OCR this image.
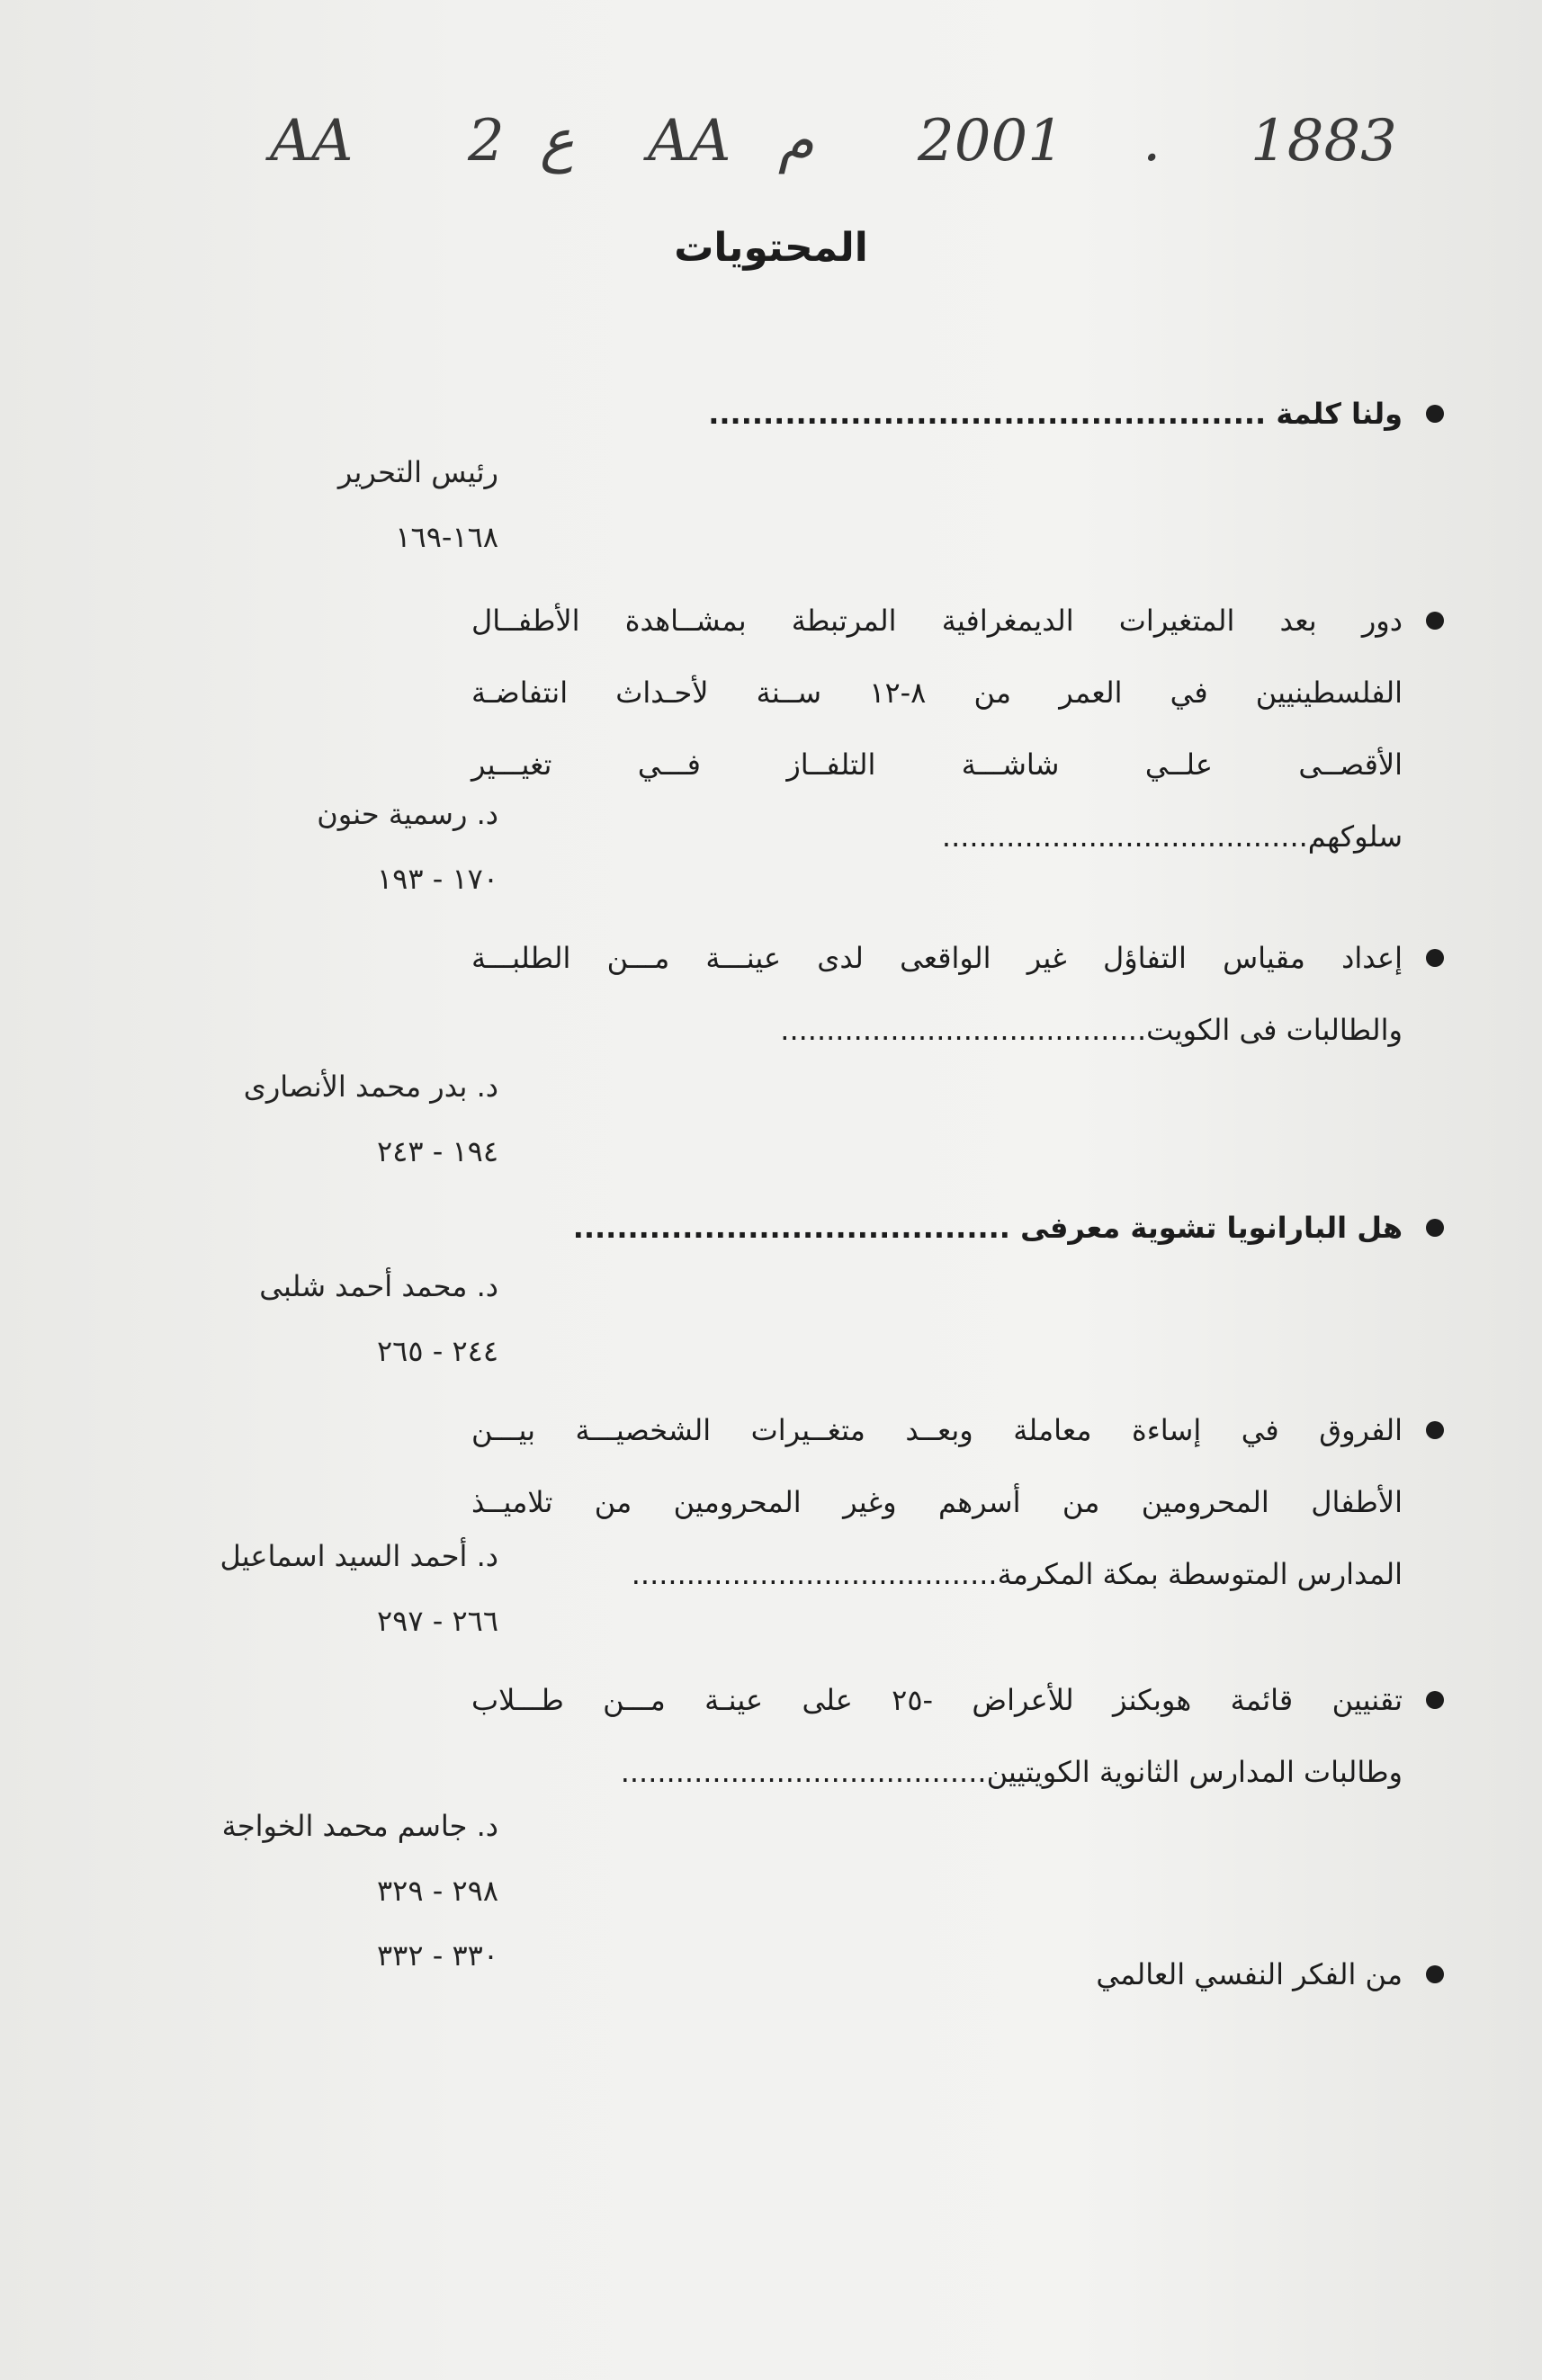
AA 2 ع AA م 2001 . 1883
المحتويات
ولنا كلمة ...................................................
رئيس التحرير
١٦٨-١٦٩
دور بعد المتغيرات الديمغرافية المرتبطة بمشــاهدة الأطفــال
الفلسطينيين في العمر من ٨-١٢ ســنة لأحـداث انتفاضـة
الأقصــى علــي شاشـــة التلفــاز فـــي تغيـــير
سلوكهم........................................
د. رسمية حنون
١٧٠ - ١٩٣
إعداد مقياس التفاؤل غير الواقعى لدى عينـــة مـــن الطلبـــة
والطالبات فى الكويت........................................
د. بدر محمد الأنصارى
١٩٤ - ٢٤٣
هل البارانويا تشوية معرفى ........................................
د. محمد أحمد شلبى
٢٤٤ - ٢٦٥
الفروق في إساءة معاملة وبعــد متغــيرات الشخصيـــة بيـــن
الأطفال المحرومين من أسرهم وغير المحرومين من تلاميــذ
المدارس المتوسطة بمكة المكرمة........................................
د. أحمد السيد اسماعيل
٢٦٦ - ٢٩٧
تقنيين قائمة هوبكنز للأعراض -٢٥ على عينـة مـــن طـــلاب
وطالبات المدارس الثانوية الكويتيين........................................
د. جاسم محمد الخواجة
٢٩٨ - ٣٢٩
٣٣٠ - ٣٣٢
من الفكر النفسي العالمي
